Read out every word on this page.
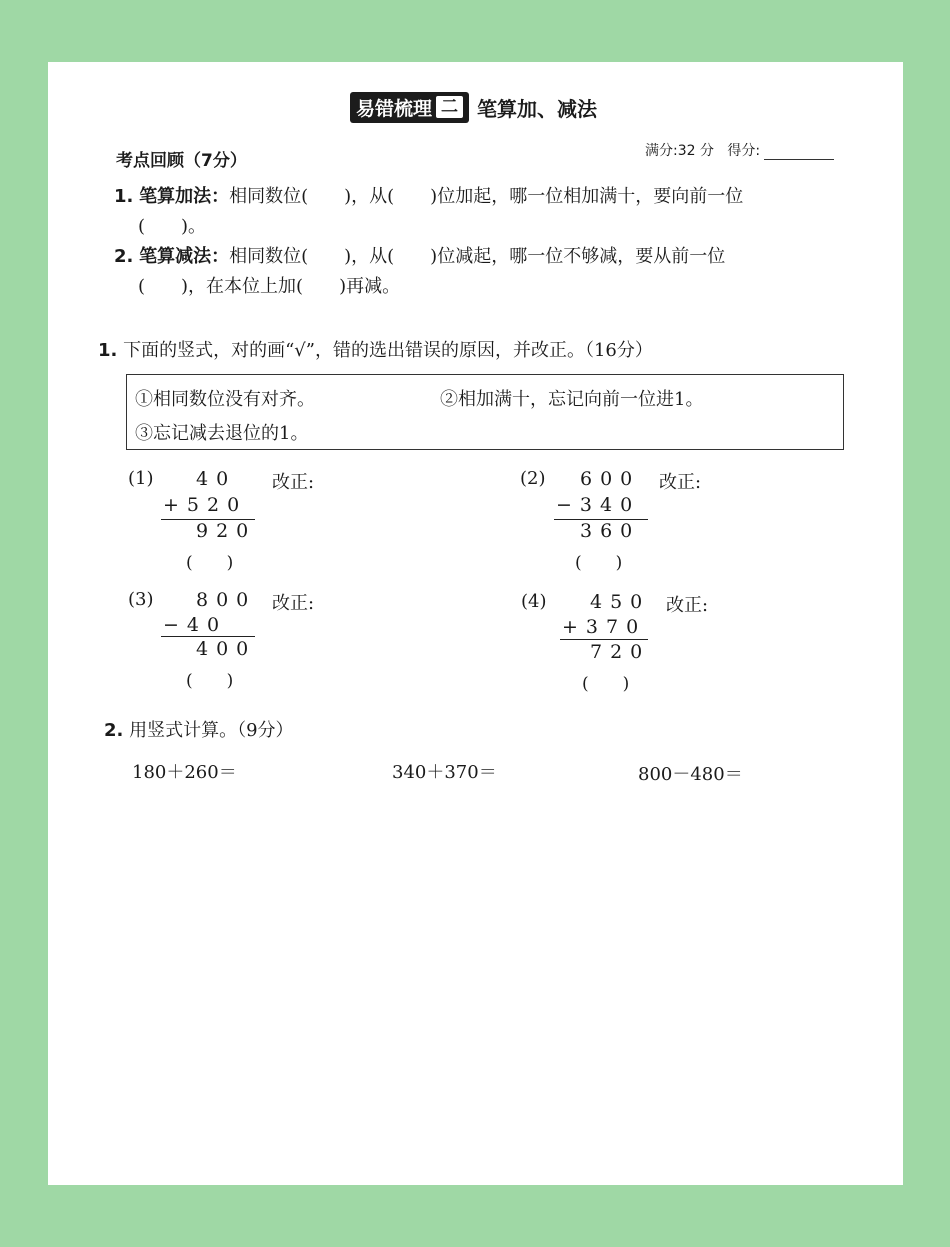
易错梳理 二 笔算加、减法
考点回顾（7分）	满分:32 分 得分:
1. 笔算加法：相同数位(　　)，从(　　)位加起，哪一位相加满十，要向前一位
(　　)。
2. 笔算减法：相同数位(　　)，从(　　)位减起，哪一位不够减，要从前一位
(　　)，在本位上加(　　)再减。
1. 下面的竖式，对的画“√”，错的选出错误的原因，并改正。（16分）
①相同数位没有对齐。	②相加满十，忘记向前一位进1。
③忘记减去退位的1。
(1) 40
+520
920
(　　)
改正:	(2) 600
−340
360
(　　)
改正:
(3) 800
−40
400
(　　)
改正:	(4) 450
+370
720
(　　)
改正:
2. 用竖式计算。（9分）
180＋260＝	340＋370＝	800－480＝
